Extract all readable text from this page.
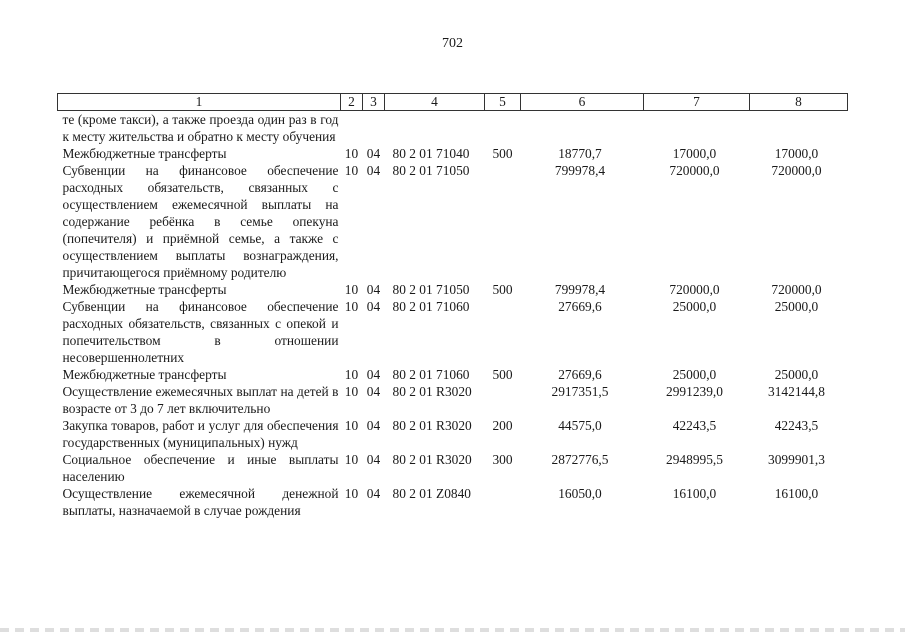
702
1	2	3	4	5	6	7	8
те (кроме такси), а также проезда один раз в год к месту жительства и обратно к месту обучения							
Межбюджетные трансферты	10	04	80 2 01 71040	500	18770,7	17000,0	17000,0
Субвенции на финансовое обеспечение расходных обязательств, связанных с осуществлением ежемесячной выплаты на содержание ребёнка в семье опекуна (попечителя) и приёмной семье, а также с осуществлением выплаты вознаграждения, причитающегося приёмному родителю	10	04	80 2 01 71050		799978,4	720000,0	720000,0
Межбюджетные трансферты	10	04	80 2 01 71050	500	799978,4	720000,0	720000,0
Субвенции на финансовое обеспечение расходных обязательств, связанных с опекой и попечительством в отношении несовершеннолетних	10	04	80 2 01 71060		27669,6	25000,0	25000,0
Межбюджетные трансферты	10	04	80 2 01 71060	500	27669,6	25000,0	25000,0
Осуществление ежемесячных выплат на детей в возрасте от 3 до 7 лет включительно	10	04	80 2 01 R3020		2917351,5	2991239,0	3142144,8
Закупка товаров, работ и услуг для обеспечения государственных (муниципальных) нужд	10	04	80 2 01 R3020	200	44575,0	42243,5	42243,5
Социальное обеспечение и иные выплаты населению	10	04	80 2 01 R3020	300	2872776,5	2948995,5	3099901,3
Осуществление ежемесячной денежной выплаты, назначаемой в случае рождения	10	04	80 2 01 Z0840		16050,0	16100,0	16100,0
